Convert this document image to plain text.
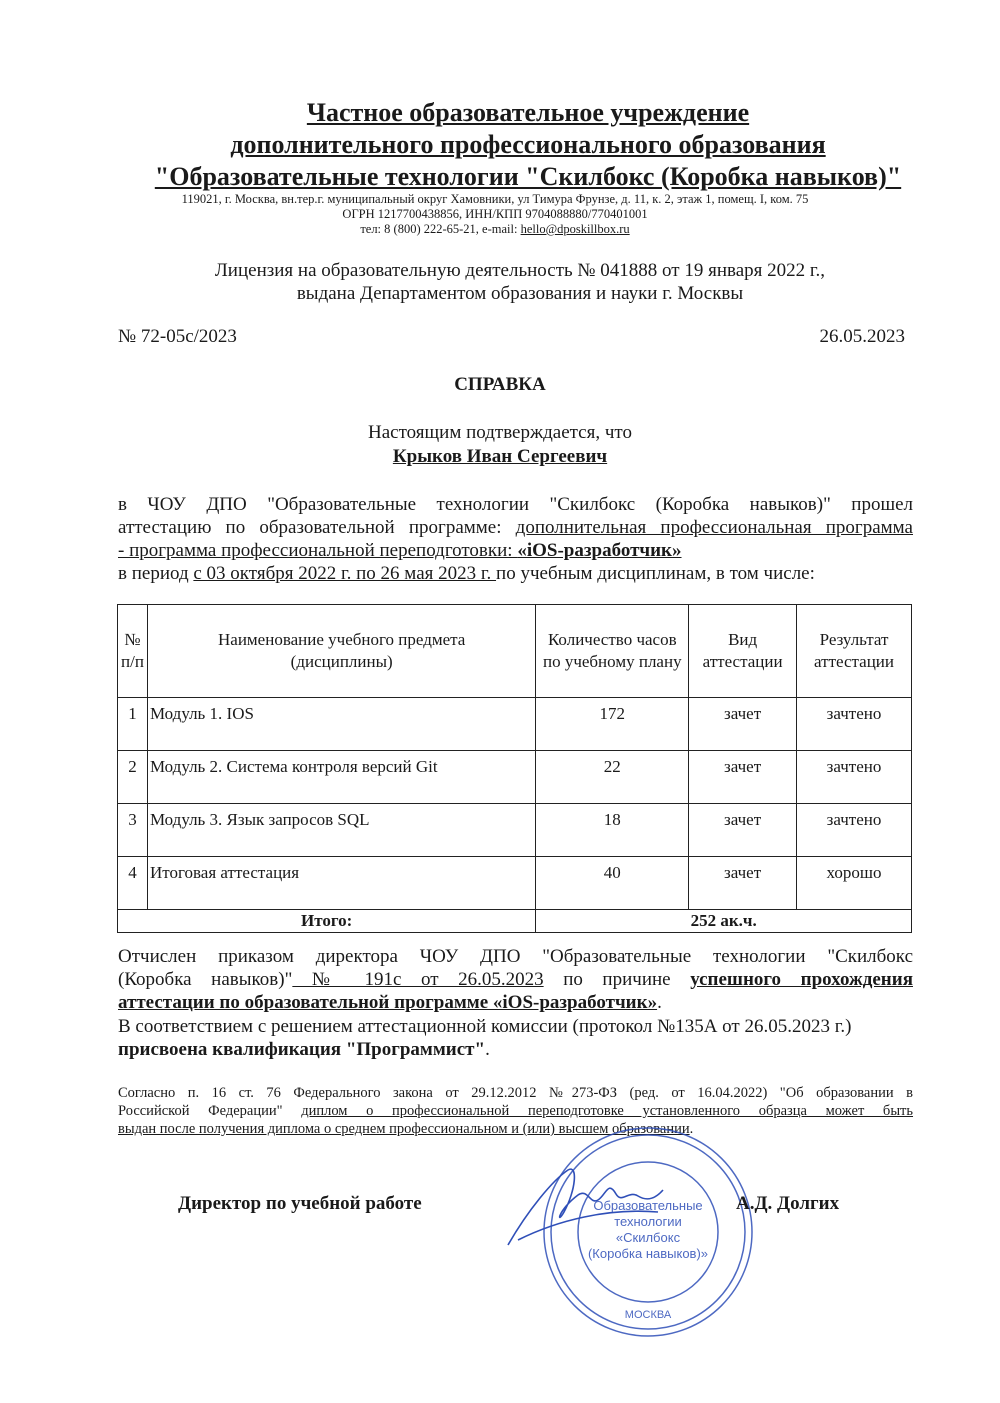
Частное образовательное учреждение
дополнительного профессионального образования
"Образовательные технологии "Скилбокс (Коробка навыков)"
119021, г. Москва, вн.тер.г. муниципальный округ Хамовники, ул Тимура Фрунзе, д. 11, к. 2, этаж 1, помещ. I, ком. 75
ОГРН 1217700438856, ИНН/КПП 9704088880/770401001
тел: 8 (800) 222-65-21, e-mail: hello@dposkillbox.ru
Лицензия на образовательную деятельность № 041888 от 19 января 2022 г.,
выдана Департаментом образования и науки г. Москвы
№ 72-05с/2023	26.05.2023
СПРАВКА
Настоящим подтверждается, что
Крыков Иван Сергеевич
в ЧОУ ДПО "Образовательные технологии "Скилбокс (Коробка навыков)" прошел
аттестацию по образовательной программе: дополнительная профессиональная программа
- программа профессиональной переподготовки: «iOS-разработчик»
в период с 03 октября 2022 г. по 26 мая 2023 г. по учебным дисциплинам, в том числе:
№ п/п	Наименование учебного предмета (дисциплины)	Количество часов по учебному плану	Вид аттестации	Результат аттестации
1	Модуль 1. IOS	172	зачет	зачтено
2	Модуль 2. Система контроля версий Git	22	зачет	зачтено
3	Модуль 3. Язык запросов SQL	18	зачет	зачтено
4	Итоговая аттестация	40	зачет	хорошо
Итого:		252 ак.ч.		
Отчислен приказом директора ЧОУ ДПО "Образовательные технологии "Скилбокс
(Коробка навыков)" № 191с от 26.05.2023 по причине успешного прохождения
аттестации по образовательной программе «iOS-разработчик».
В соответствием с решением аттестационной комиссии (протокол №135А от 26.05.2023 г.)
присвоена квалификация "Программист".
Согласно п. 16 ст. 76 Федерального закона от 29.12.2012 №273-ФЗ (ред. от 16.04.2022) "Об образовании в
Российской Федерации" диплом о профессиональной переподготовке установленного образца может быть
выдан после получения диплома о среднем профессиональном и (или) высшем образовании.
Образовательные
технологии
«Скилбокс
(Коробка навыков)»
МОСКВА
Директор по учебной работе	А.Д. Долгих
